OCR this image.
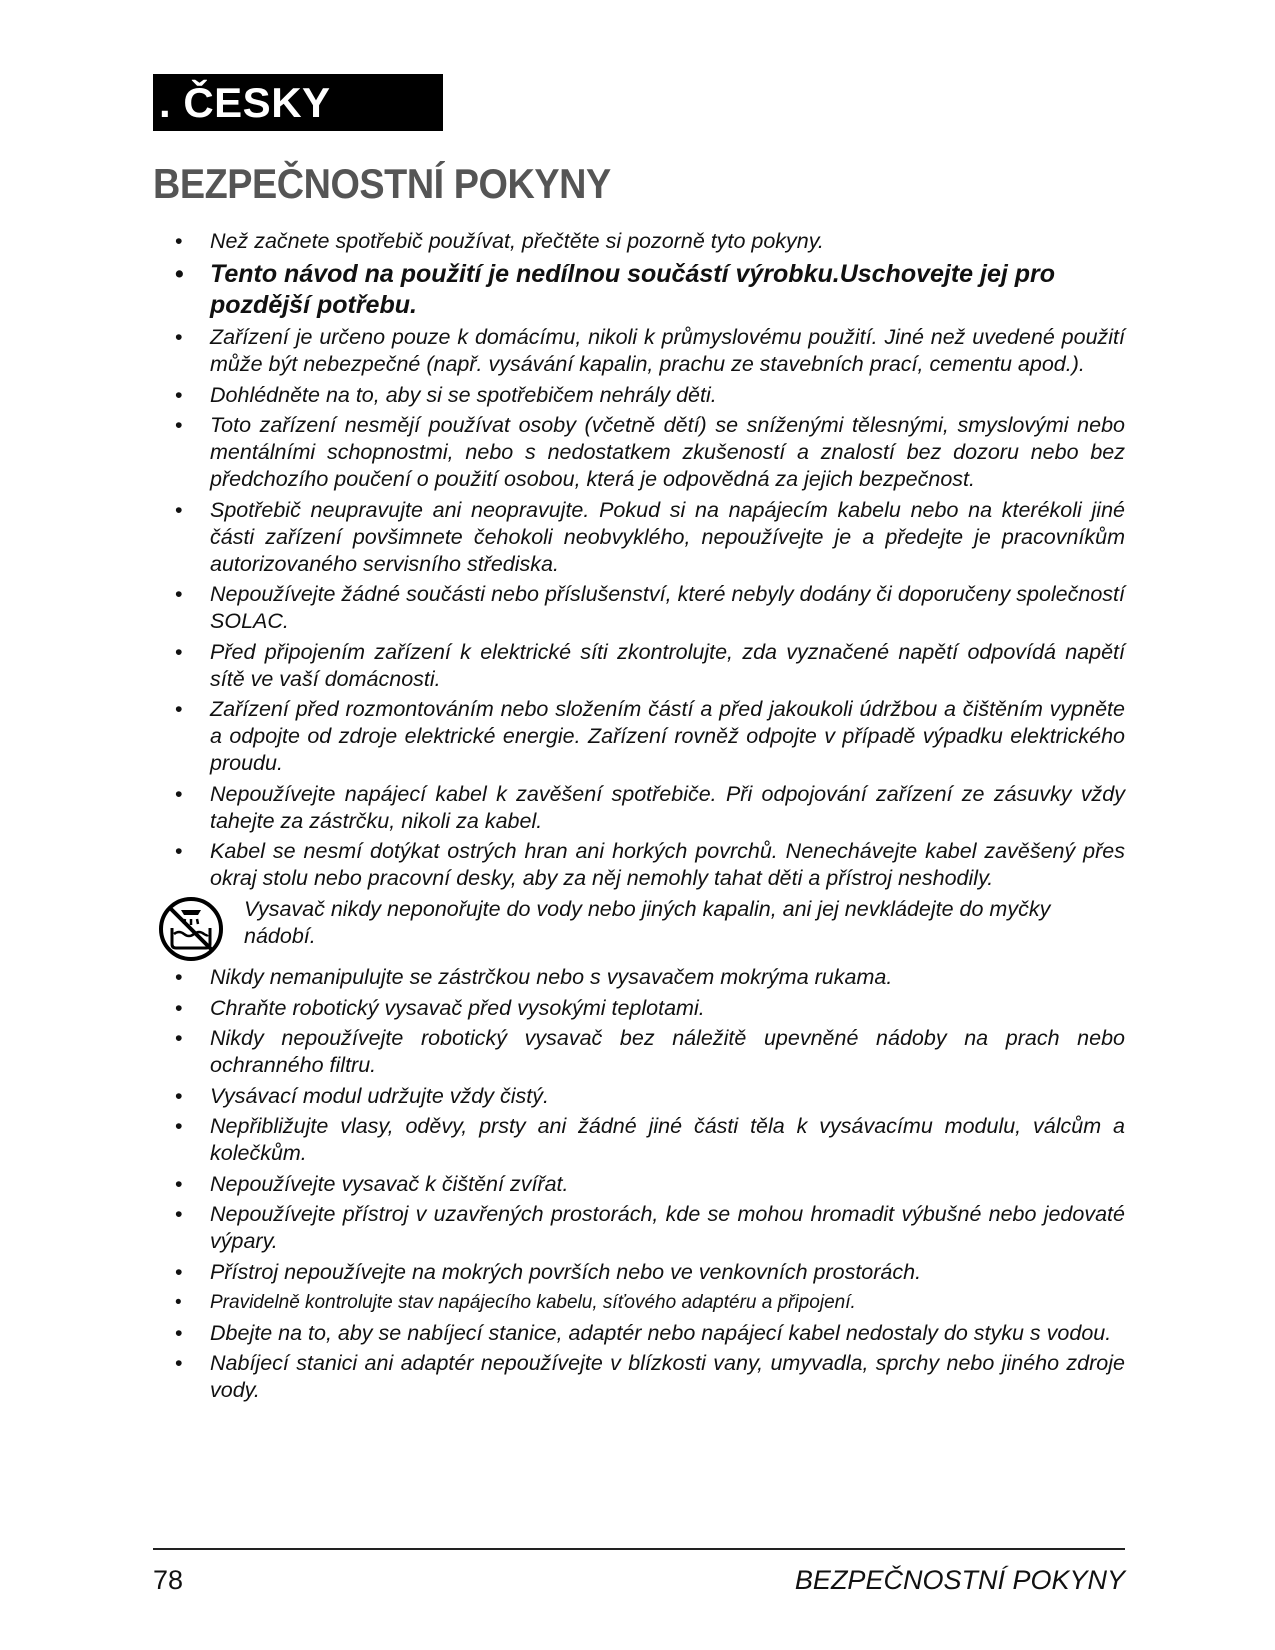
. ČESKY
BEZPEČNOSTNÍ POKYNY
• Než začnete spotřebič používat, přečtěte si pozorně tyto pokyny.
• Tento návod na použití je nedílnou součástí výrobku.Uschovejte jej pro pozdější potřebu.
• Zařízení je určeno pouze k domácímu, nikoli k průmyslovému použití. Jiné než uvedené použití může být nebezpečné (např. vysávání kapalin, prachu ze stavebních prací, cementu apod.).
• Dohlédněte na to, aby si se spotřebičem nehrály děti.
• Toto zařízení nesmějí používat osoby (včetně dětí) se sníženými tělesnými, smyslovými nebo mentálními schopnostmi, nebo s nedostatkem zkušeností a znalostí bez dozoru nebo bez předchozího poučení o použití osobou, která je odpovědná za jejich bezpečnost.
• Spotřebič neupravujte ani neopravujte. Pokud si na napájecím kabelu nebo na kterékoli jiné části zařízení povšimnete čehokoli neobvyklého, nepoužívejte je a předejte je pracovníkům autorizovaného servisního střediska.
• Nepoužívejte žádné součásti nebo příslušenství, které nebyly dodány či doporučeny společností SOLAC.
• Před připojením zařízení k elektrické síti zkontrolujte, zda vyznačené napětí odpovídá napětí sítě ve vaší domácnosti.
• Zařízení před rozmontováním nebo složením částí a před jakoukoli údržbou a čištěním vypněte a odpojte od zdroje elektrické energie. Zařízení rovněž odpojte v případě výpadku elektrického proudu.
• Nepoužívejte napájecí kabel k zavěšení spotřebiče. Při odpojování zařízení ze zásuvky vždy tahejte za zástrčku, nikoli za kabel.
• Kabel se nesmí dotýkat ostrých hran ani horkých povrchů. Nenechávejte kabel zavěšený přes okraj stolu nebo pracovní desky, aby za něj nemohly tahat děti a přístroj neshodily.
Vysavač nikdy neponořujte do vody nebo jiných kapalin, ani jej nevkládejte do myčky nádobí.
• Nikdy nemanipulujte se zástrčkou nebo s vysavačem mokrýma rukama.
• Chraňte robotický vysavač před vysokými teplotami.
• Nikdy nepoužívejte robotický vysavač bez náležitě upevněné nádoby na prach nebo ochranného filtru.
• Vysávací modul udržujte vždy čistý.
• Nepřibližujte vlasy, oděvy, prsty ani žádné jiné části těla k vysávacímu modulu, válcům a kolečkům.
• Nepoužívejte vysavač k čištění zvířat.
• Nepoužívejte přístroj v uzavřených prostorách, kde se mohou hromadit výbušné nebo jedovaté výpary.
• Přístroj nepoužívejte na mokrých površích nebo ve venkovních prostorách.
• Pravidelně kontrolujte stav napájecího kabelu, síťového adaptéru a připojení.
• Dbejte na to, aby se nabíjecí stanice, adaptér nebo napájecí kabel nedostaly do styku s vodou.
• Nabíjecí stanici ani adaptér nepoužívejte v blízkosti vany, umyvadla, sprchy nebo jiného zdroje vody.
78	BEZPEČNOSTNÍ POKYNY
